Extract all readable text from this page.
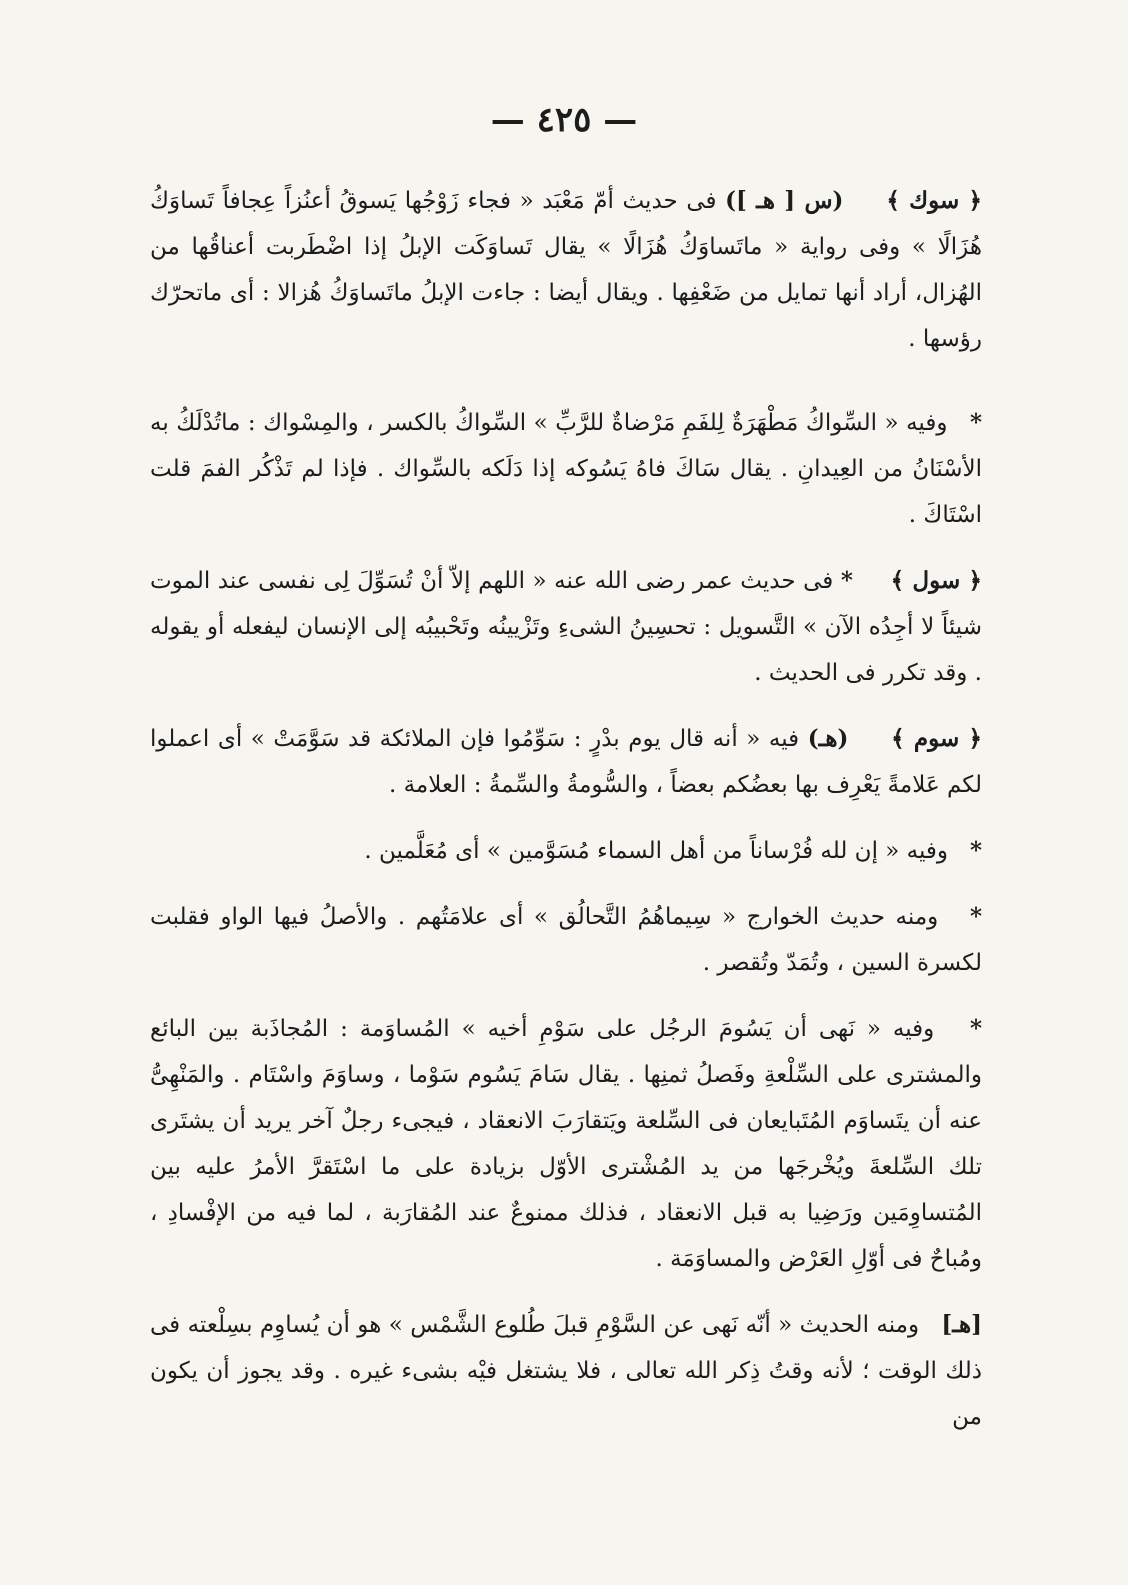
— ٤٢٥ —

﴿ سوك ﴾     (س [ هـ ]) فى حديث أمّ مَعْبَد « فجاء زَوْجُها يَسوقُ أعنُزاً عِجافاً تَساوَكُ هُزَالًا » وفى رواية « ماتَساوَكُ هُزَالًا » يقال تَساوَكَت الإبلُ إذا اضْطَربت أعناقُها من الهُزال، أراد أنها تمايل من ضَعْفِها . ويقال أيضا : جاءت الإبلُ ماتَساوَكُ هُزالا : أى ماتحرّك رؤسها .

*   وفيه « السِّواكُ مَطْهَرَةٌ لِلفَمِ مَرْضاةٌ للرَّبِّ » السِّواكُ بالكسر ، والمِسْواك : ماتُدْلَكُ به الأسْنَانُ من العِيدانِ . يقال سَاكَ فاهُ يَسُوكه إذا دَلَكه بالسِّواك . فإذا لم تَذْكُر الفمَ قلت اسْتَاكَ .

﴿ سول ﴾     * فى حديث عمر رضى الله عنه « اللهم إلاّ أنْ تُسَوِّلَ لِى نفسى عند الموت شيئاً لا أجِدُه الآن » التَّسويل : تحسِينُ الشىءِ وتَزْيينُه وتَحْبيبُه إلى الإنسان ليفعله أو يقوله . وقد تكرر فى الحديث .

﴿ سوم ﴾     (هـ) فيه « أنه قال يوم بدْرٍ : سَوِّمُوا فإن الملائكة قد سَوَّمَتْ » أى اعملوا لكم عَلامةً يَعْرِف بها بعضُكم بعضاً ، والسُّومةُ والسِّمةُ : العلامة .

*   وفيه « إن لله فُرْساناً من أهل السماء مُسَوَّمين » أى مُعَلَّمين .

*   ومنه حديث الخوارج « سِيماهُمُ التَّحالُق » أى علامَتُهم . والأصلُ فيها الواو فقلبت لكسرة السين ، وتُمَدّ وتُقصر .

*   وفيه « نَهى أن يَسُومَ الرجُل على سَوْمِ أخيه » المُساوَمة : المُجاذَبة بين البائع والمشترى على السِّلْعةِ وفَصلُ ثمنِها . يقال سَامَ يَسُوم سَوْما ، وساوَمَ واسْتَام . والمَنْهِىُّ عنه أن يتَساوَم المُتَبايعان فى السِّلعة ويَتقارَبَ الانعقاد ، فيجىء رجلٌ آخر يريد أن يشتَرى تلك السِّلعةَ ويُخْرجَها من يد المُشْترى الأوّل بزيادة على ما اسْتَقرَّ الأمرُ عليه بين المُتساوِمَين ورَضِيا به قبل الانعقاد ، فذلك ممنوعٌ عند المُقارَبة ، لما فيه من الإفْسادِ ، ومُباحٌ فى أوّلِ العَرْض والمساوَمَة .

[هـ]   ومنه الحديث « أنّه نَهى عن السَّوْمِ قبلَ طُلوع الشَّمْس » هو أن يُساوِم بسِلْعته فى ذلك الوقت ؛ لأنه وقتُ ذِكر الله تعالى ، فلا يشتغل فيْه بشىء غيره . وقد يجوز أن يكون من
